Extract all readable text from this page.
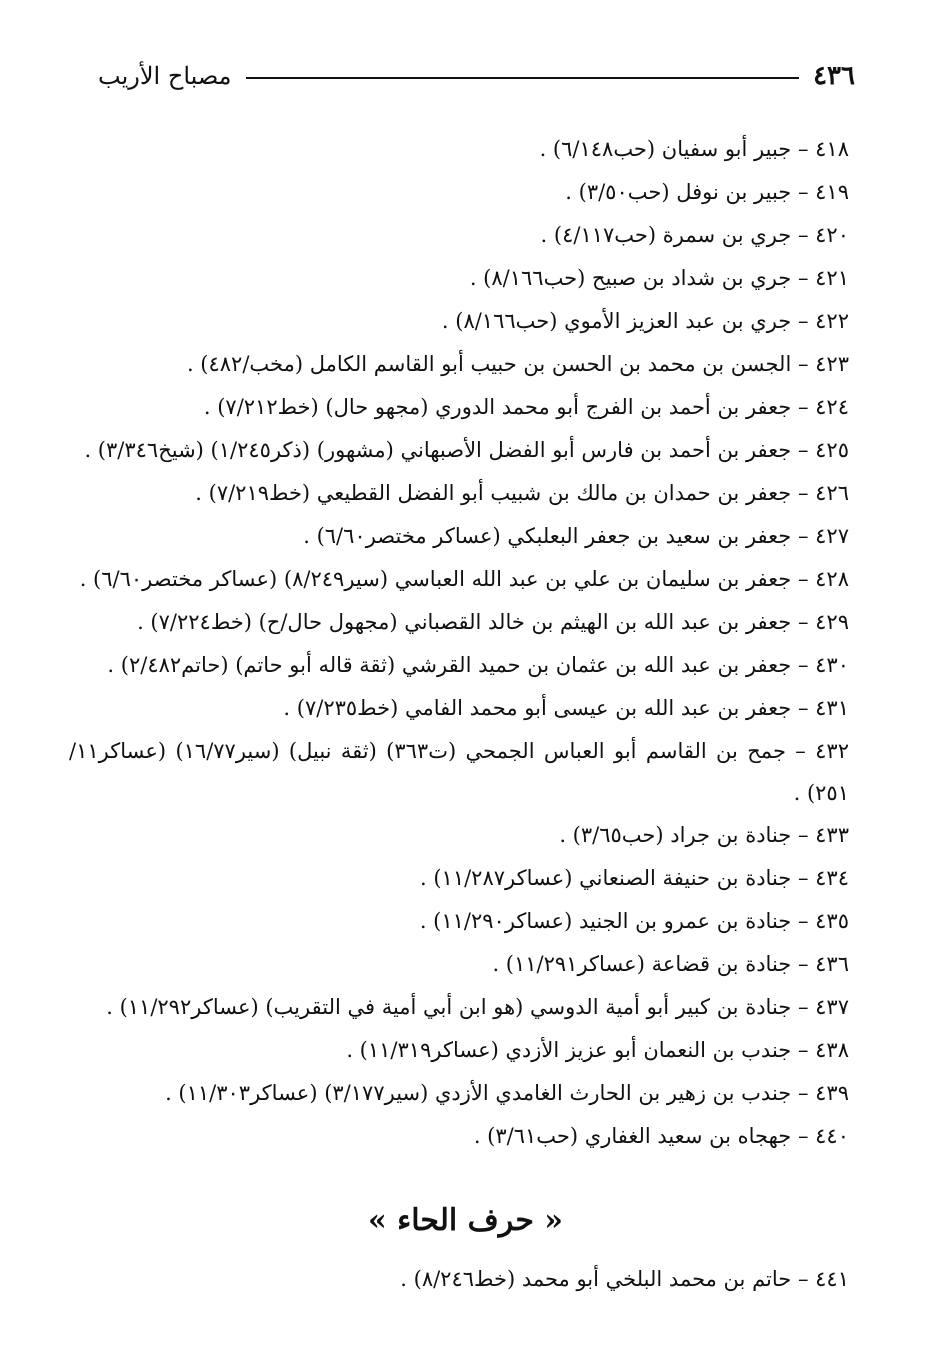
٤٣٦
مصباح الأريب
٤١٨ – جبير أبو سفيان (حب٦/١٤٨) .
٤١٩ – جبير بن نوفل (حب٣/٥٠) .
٤٢٠ – جري بن سمرة (حب٤/١١٧) .
٤٢١ – جري بن شداد بن صبيح (حب٨/١٦٦) .
٤٢٢ – جري بن عبد العزيز الأموي (حب٨/١٦٦) .
٤٢٣ – الجسن بن محمد بن الحسن بن حبيب أبو القاسم الكامل (مخب/٤٨٢) .
٤٢٤ – جعفر بن أحمد بن الفرج أبو محمد الدوري (مجهو حال) (خط٧/٢١٢) .
٤٢٥ – جعفر بن أحمد بن فارس أبو الفضل الأصبهاني (مشهور) (ذكر١/٢٤٥) (شيخ٣/٣٤٦) .
٤٢٦ – جعفر بن حمدان بن مالك بن شبيب أبو الفضل القطيعي (خط٧/٢١٩) .
٤٢٧ – جعفر بن سعيد بن جعفر البعلبكي (عساكر مختصر٦/٦٠) .
٤٢٨ – جعفر بن سليمان بن علي بن عبد الله العباسي (سير٨/٢٤٩) (عساكر مختصر٦/٦٠) .
٤٢٩ – جعفر بن عبد الله بن الهيثم بن خالد القصباني (مجهول حال/ح) (خط٧/٢٢٤) .
٤٣٠ – جعفر بن عبد الله بن عثمان بن حميد القرشي (ثقة قاله أبو حاتم) (حاتم٢/٤٨٢) .
٤٣١ – جعفر بن عبد الله بن عيسى أبو محمد الفامي (خط٧/٢٣٥) .
٤٣٢ – جمح بن القاسم أبو العباس الجمحي (ت٣٦٣) (ثقة نبيل) (سير١٦/٧٧) (عساكر١١/ ٢٥١) .
٤٣٣ – جنادة بن جراد (حب٣/٦٥) .
٤٣٤ – جنادة بن حنيفة الصنعاني (عساكر١١/٢٨٧) .
٤٣٥ – جنادة بن عمرو بن الجنيد (عساكر١١/٢٩٠) .
٤٣٦ – جنادة بن قضاعة (عساكر١١/٢٩١) .
٤٣٧ – جنادة بن كبير أبو أمية الدوسي (هو ابن أبي أمية في التقريب) (عساكر١١/٢٩٢) .
٤٣٨ – جندب بن النعمان أبو عزيز الأزدي (عساكر١١/٣١٩) .
٤٣٩ – جندب بن زهير بن الحارث الغامدي الأزدي (سير٣/١٧٧) (عساكر١١/٣٠٣) .
٤٤٠ – جهجاه بن سعيد الغفاري (حب٣/٦١) .
« حرف الحاء »
٤٤١ – حاتم بن محمد البلخي أبو محمد (خط٨/٢٤٦) .
